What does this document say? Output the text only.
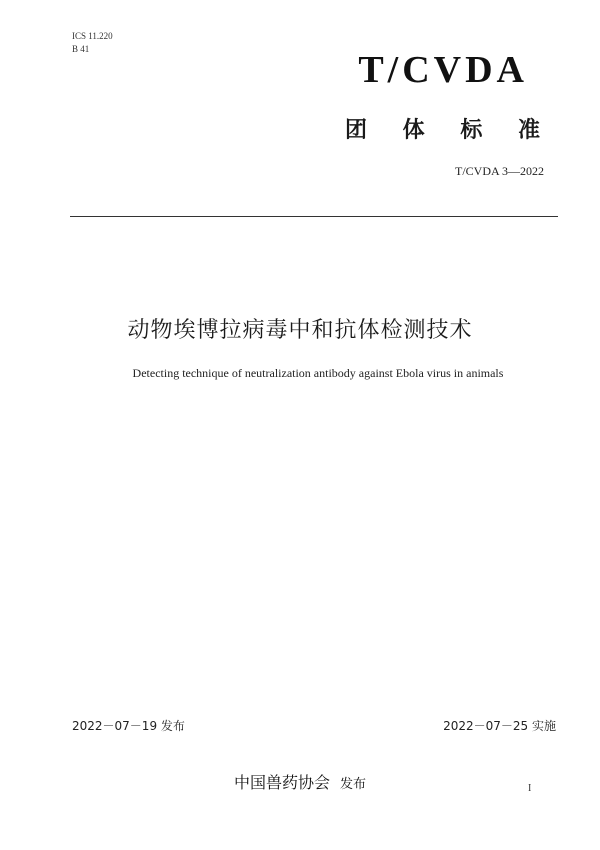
ICS 11.220
B 41	T/CVDA
团 体 标 准
T/CVDA 3—2022
动物埃博拉病毒中和抗体检测技术
Detecting technique of neutralization antibody against Ebola virus in animals
2022－07－19 发布	2022－07－25 实施
中国兽药协会 发布	I
